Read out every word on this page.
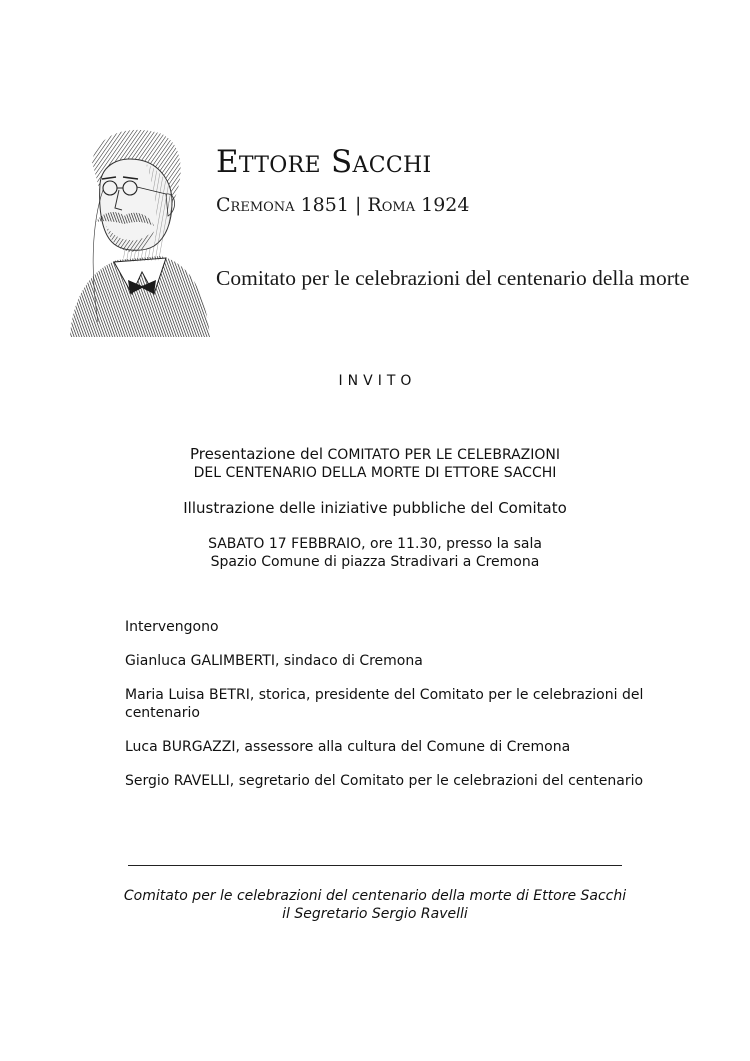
Ettore Sacchi
Cremona 1851 | Roma 1924
Comitato per le celebrazioni del centenario della morte
INVITO
Presentazione del COMITATO PER LE CELEBRAZIONI
DEL CENTENARIO DELLA MORTE DI ETTORE SACCHI
Illustrazione delle iniziative pubbliche del Comitato
SABATO 17 FEBBRAIO, ore 11.30, presso la sala
Spazio Comune di piazza Stradivari a Cremona
Intervengono
Gianluca GALIMBERTI, sindaco di Cremona
Maria Luisa BETRI, storica, presidente del Comitato per le celebrazioni del centenario
Luca BURGAZZI, assessore alla cultura del Comune di Cremona
Sergio RAVELLI, segretario del Comitato per le celebrazioni del centenario
Comitato per le celebrazioni del centenario della morte di Ettore Sacchi
il Segretario Sergio Ravelli
